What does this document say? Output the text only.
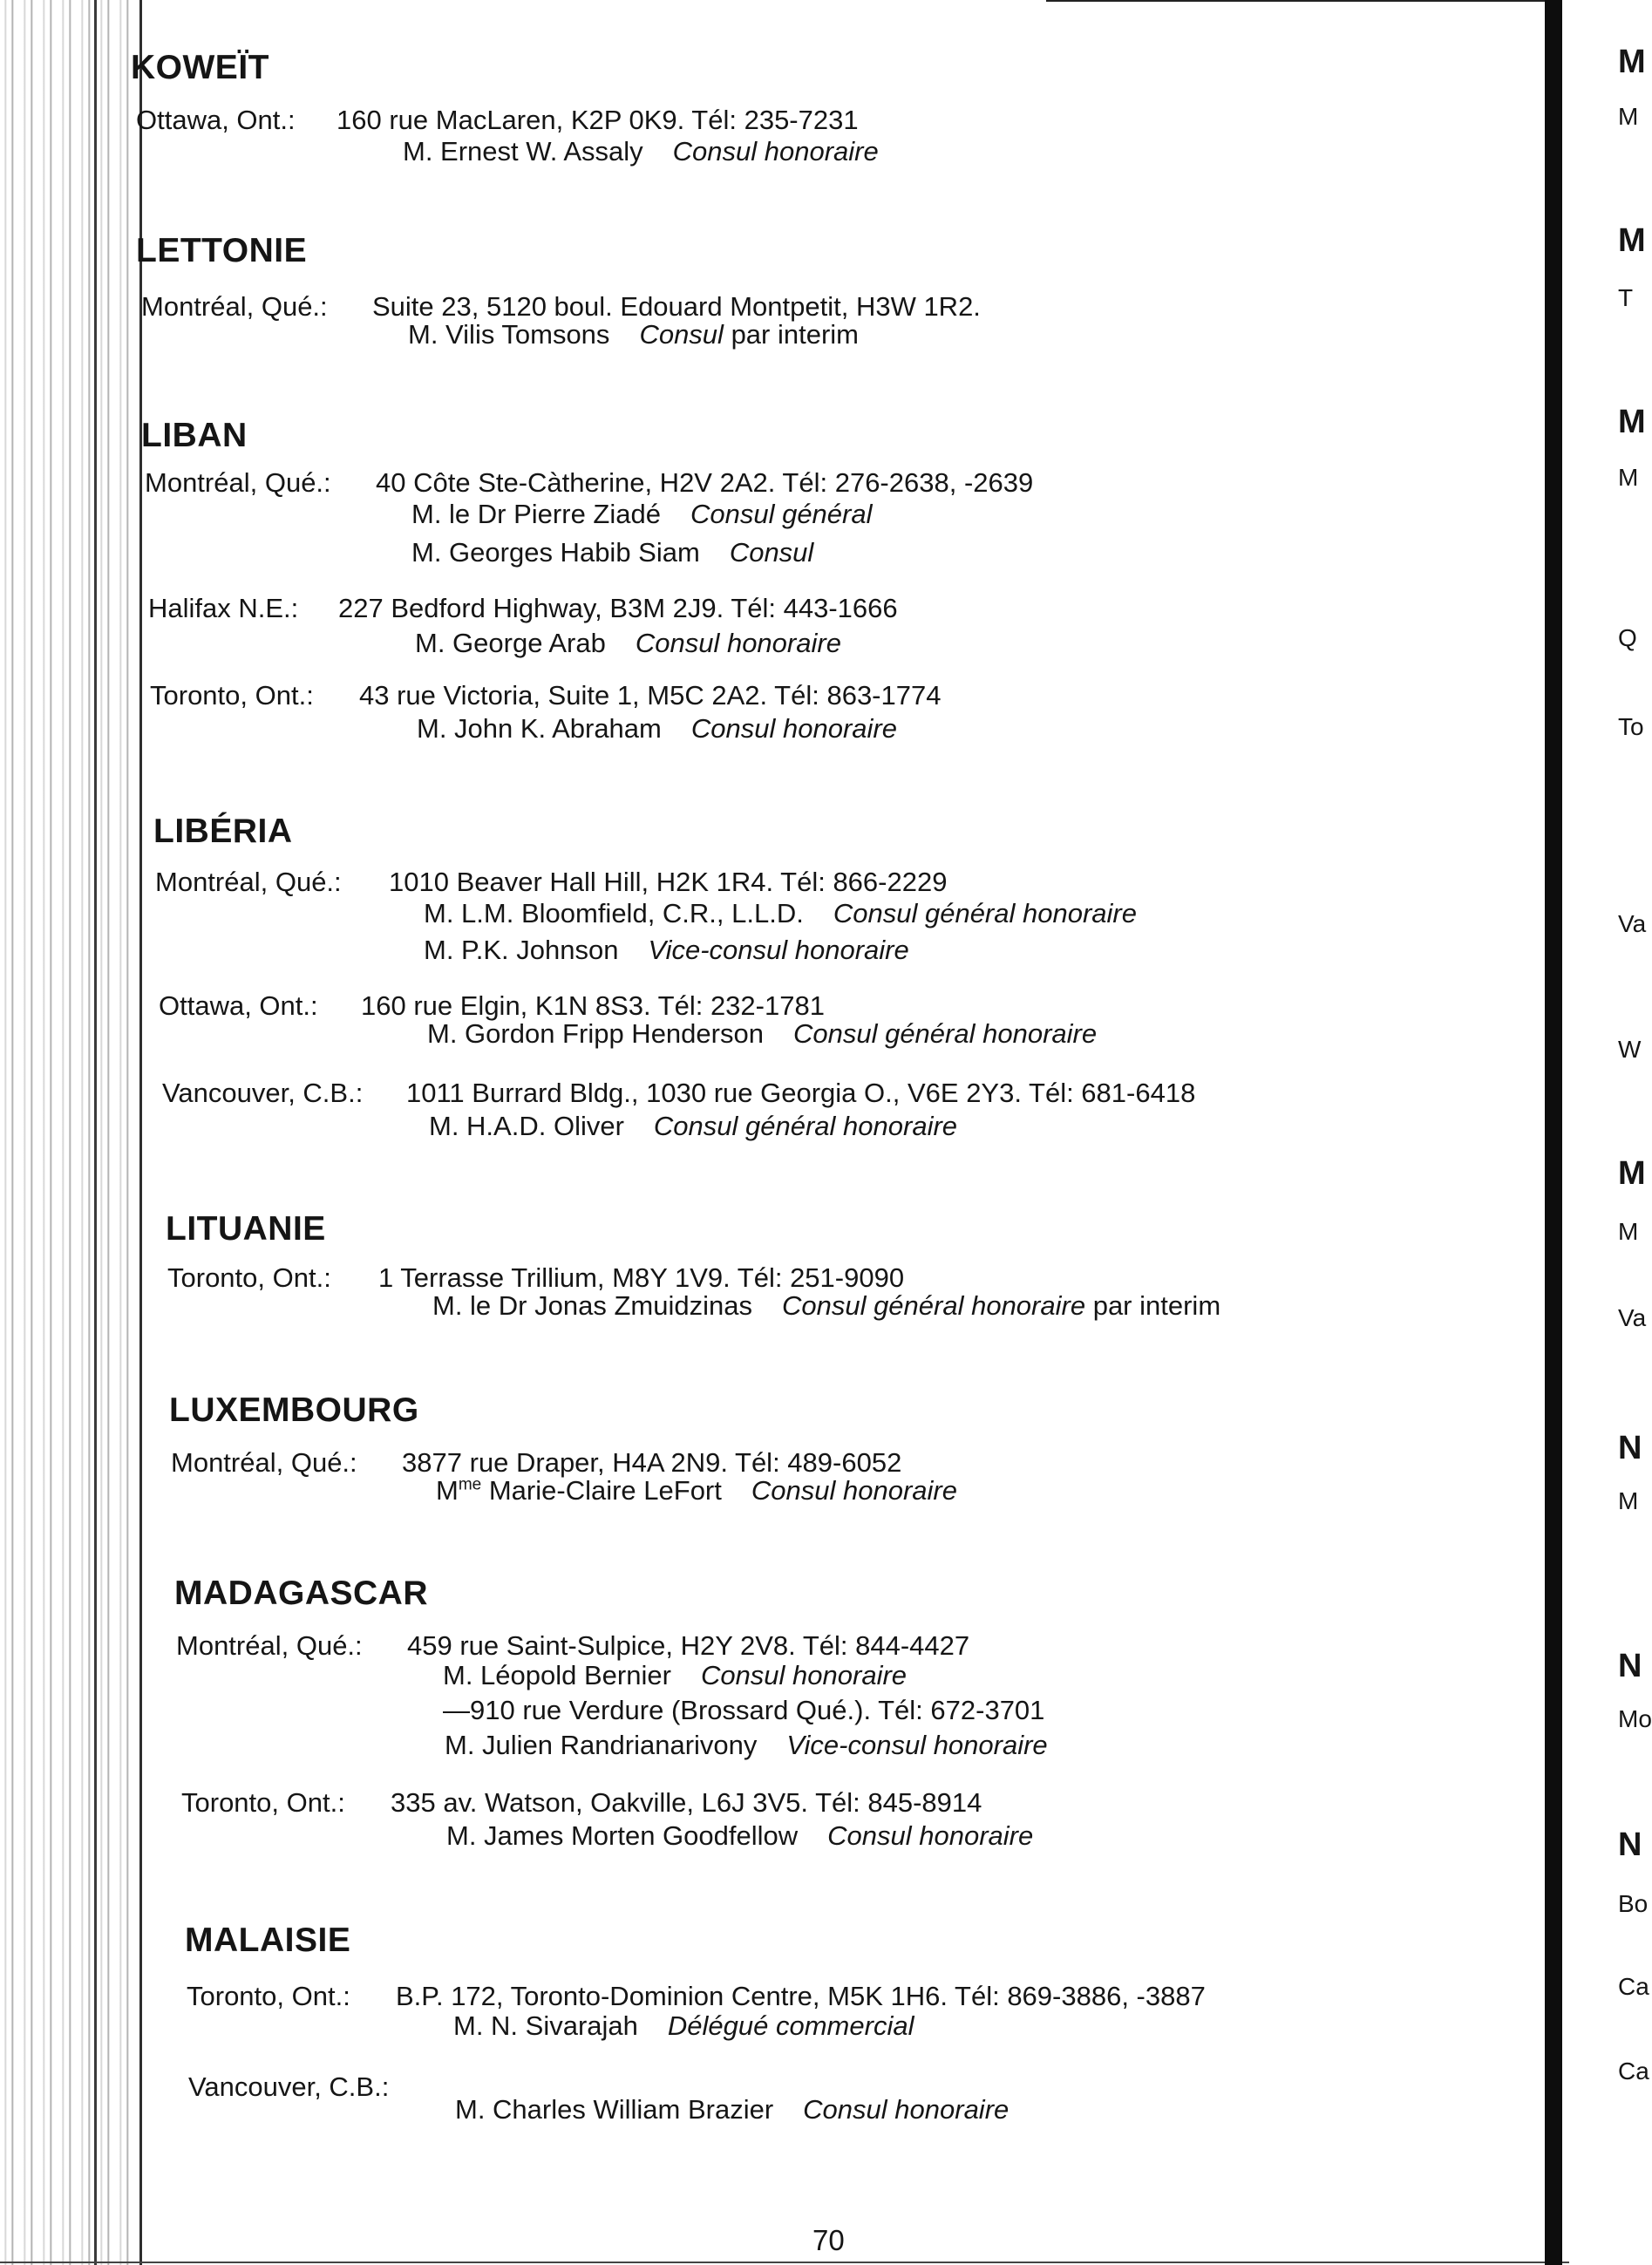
M
M
M
T
M
M
Q
To
Va
W
M
M
Va
N
M
N
Mo
N
Bo
Ca
Ca
KOWEÏT
Ottawa, Ont.: 160 rue MacLaren, K2P 0K9. Tél: 235-7231
M. Ernest W. Assaly Consul honoraire
LETTONIE
Montréal, Qué.: Suite 23, 5120 boul. Edouard Montpetit, H3W 1R2.
M. Vilis Tomsons Consul par interim
LIBAN
Montréal, Qué.: 40 Côte Ste-Càtherine, H2V 2A2. Tél: 276-2638, -2639
M. le Dr Pierre Ziadé Consul général
M. Georges Habib Siam Consul
Halifax N.E.: 227 Bedford Highway, B3M 2J9. Tél: 443-1666
M. George Arab Consul honoraire
Toronto, Ont.: 43 rue Victoria, Suite 1, M5C 2A2. Tél: 863-1774
M. John K. Abraham Consul honoraire
LIBÉRIA
Montréal, Qué.: 1010 Beaver Hall Hill, H2K 1R4. Tél: 866-2229
M. L.M. Bloomfield, C.R., L.L.D. Consul général honoraire
M. P.K. Johnson Vice-consul honoraire
Ottawa, Ont.: 160 rue Elgin, K1N 8S3. Tél: 232-1781
M. Gordon Fripp Henderson Consul général honoraire
Vancouver, C.B.: 1011 Burrard Bldg., 1030 rue Georgia O., V6E 2Y3. Tél: 681-6418
M. H.A.D. Oliver Consul général honoraire
LITUANIE
Toronto, Ont.: 1 Terrasse Trillium, M8Y 1V9. Tél: 251-9090
M. le Dr Jonas Zmuidzinas Consul général honoraire par interim
LUXEMBOURG
Montréal, Qué.: 3877 rue Draper, H4A 2N9. Tél: 489-6052
$M^{me}$ Marie-Claire LeFort Consul honoraire
MADAGASCAR
Montréal, Qué.: 459 rue Saint-Sulpice, H2Y 2V8. Tél: 844-4427
M. Léopold Bernier Consul honoraire
—910 rue Verdure (Brossard Qué.). Tél: 672-3701
M. Julien Randrianarivony Vice-consul honoraire
Toronto, Ont.: 335 av. Watson, Oakville, L6J 3V5. Tél: 845-8914
M. James Morten Goodfellow Consul honoraire
MALAISIE
Toronto, Ont.: B.P. 172, Toronto-Dominion Centre, M5K 1H6. Tél: 869-3886, -3887
M. N. Sivarajah Délégué commercial
Vancouver, C.B.:
M. Charles William Brazier Consul honoraire
70
